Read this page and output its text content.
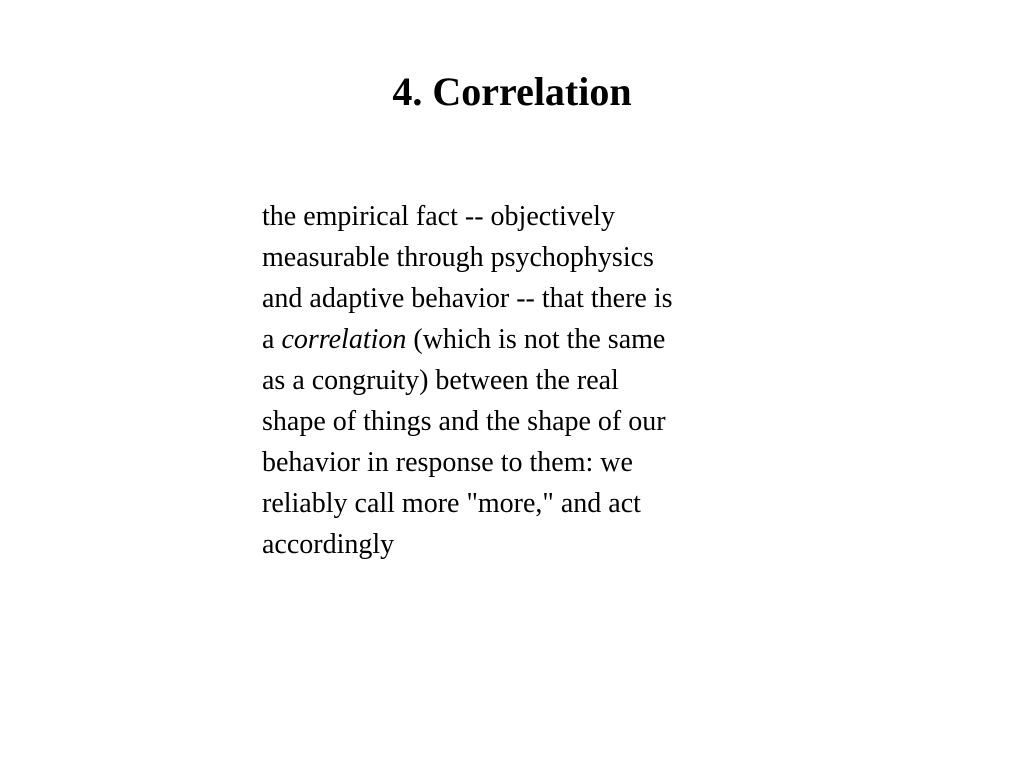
4. Correlation
the empirical fact -- objectively
measurable through psychophysics
and adaptive behavior -- that there is
a correlation (which is not the same
as a congruity) between the real
shape of things and the shape of our
behavior in response to them: we
reliably call more "more," and act
accordingly
